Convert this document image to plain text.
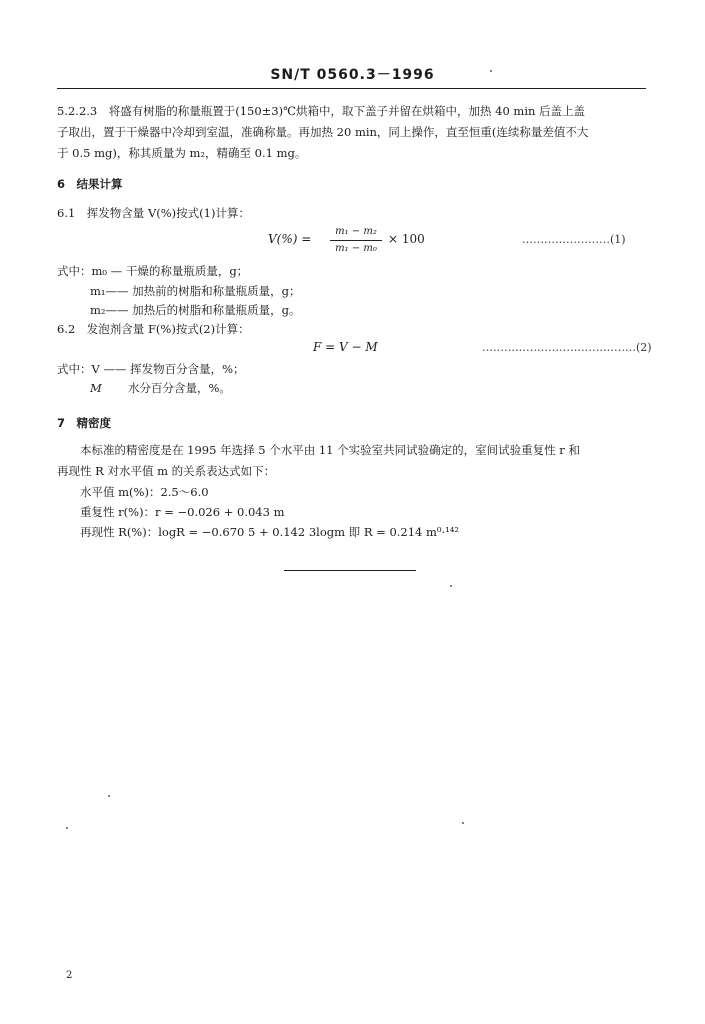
SN/T 0560.3－1996
5.2.2.3　将盛有树脂的称量瓶置于(150±3)℃烘箱中，取下盖子并留在烘箱中，加热 40 min 后盖上盖
子取出，置于干燥器中冷却到室温，准确称量。再加热 20 min，同上操作，直至恒重(连续称量差值不大
于 0.5 mg)，称其质量为 m₂，精确至 0.1 mg。
6　结果计算
6.1　挥发物含量 V(%)按式(1)计算：
V(%) =
m₁ − m₂
m₁ − m₀
× 100	……………………(1)
式中：m₀ — 干燥的称量瓶质量，g；
m₁—— 加热前的树脂和称量瓶质量，g；
m₂—— 加热后的树脂和称量瓶质量，g。
6.2　发泡剂含量 F(%)按式(2)计算：
F = V − M	……………………………………(2)
式中：V —— 挥发物百分含量，%；
M 水分百分含量，%。
7　精密度
本标准的精密度是在 1995 年选择 5 个水平由 11 个实验室共同试验确定的，室间试验重复性 r 和
再现性 R 对水平值 m 的关系表达式如下：
水平值 m(%)：2.5～6.0
重复性 r(%)：r = −0.026 + 0.043 m
再现性 R(%)：logR = −0.670 5 + 0.142 3logm 即 R = 0.214 m⁰·¹⁴²
2
